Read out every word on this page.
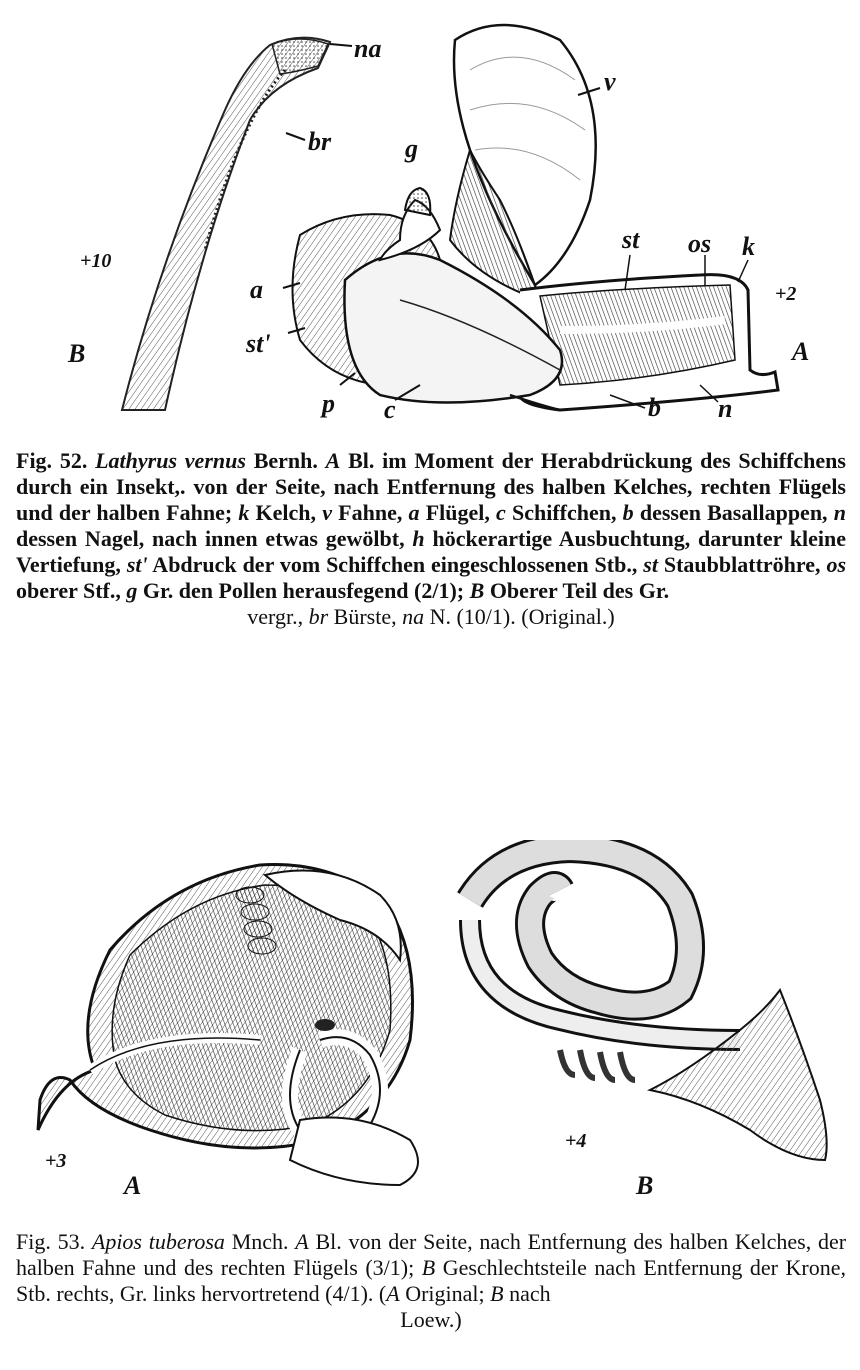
na
br	g
v
st os k
+10
+2
B	A
a
st'
p c	b n
Fig. 52. Lathyrus vernus Bernh. A Bl. im Moment der Herabdrückung des Schiffchens durch ein Insekt,. von der Seite, nach Entfernung des halben Kelches, rechten Flügels und der halben Fahne; k Kelch, v Fahne, a Flügel, c Schiffchen, b dessen Basallappen, n dessen Nagel, nach innen etwas gewölbt, h höckerartige Ausbuchtung, darunter kleine Vertiefung, st' Abdruck der vom Schiffchen eingeschlossenen Stb., st Staubblattröhre, os oberer Stf., g Gr. den Pollen herausfegend (2/1); B Oberer Teil des Gr.
vergr., br Bürste, na N. (10/1). (Original.)
+3
A
+4
B
Fig. 53. Apios tuberosa Mnch. A Bl. von der Seite, nach Entfernung des halben Kelches, der halben Fahne und des rechten Flügels (3/1); B Geschlechtsteile nach Entfernung der Krone, Stb. rechts, Gr. links hervortretend (4/1). (A Original; B nach
Loew.)
